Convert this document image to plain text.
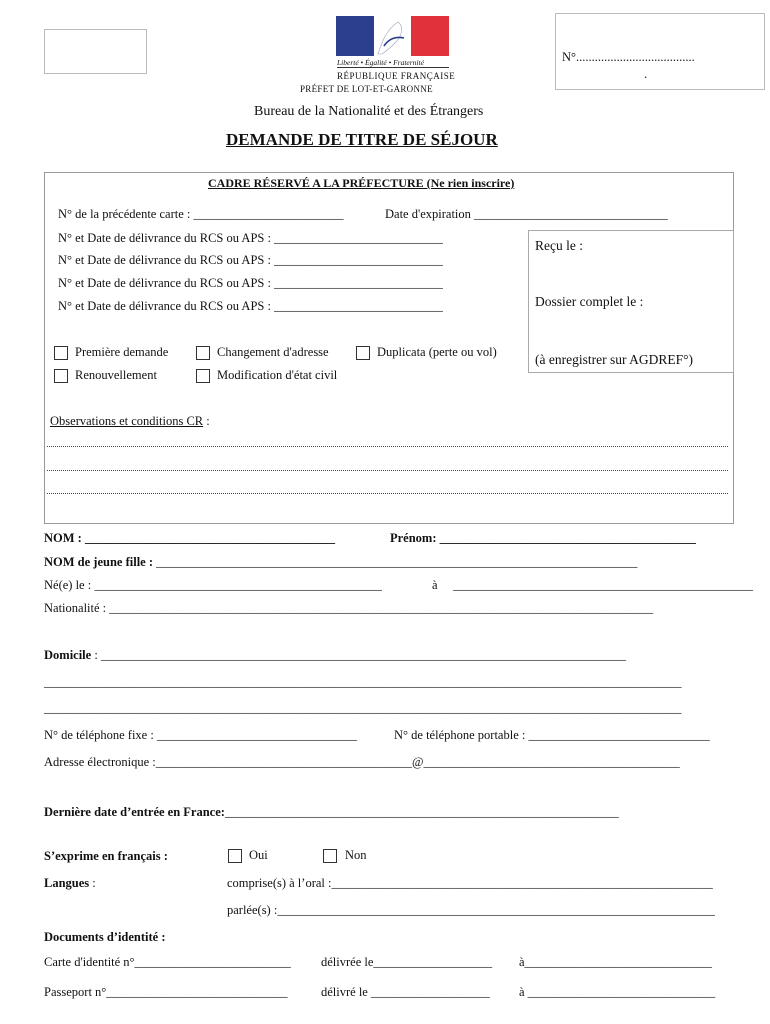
Liberté • Égalité • Fraternité
RÉPUBLIQUE FRANÇAISE
PRÉFET DE LOT-ET-GARONNE
N°......................................
.
Bureau de la Nationalité et des Étrangers
DEMANDE DE TITRE DE SÉJOUR
CADRE RÉSERVÉ A LA PRÉFECTURE (Ne rien inscrire)
N° de la précédente carte : ________________________	Date d'expiration _______________________________
N° et Date de délivrance du RCS ou APS : ___________________________
N° et Date de délivrance du RCS ou APS : ___________________________
N° et Date de délivrance du RCS ou APS : ___________________________
N° et Date de délivrance du RCS ou APS : ___________________________
Reçu le :
Dossier complet le :
(à enregistrer sur AGDREF°)
Première demande	Changement d'adresse	Duplicata (perte ou vol)
Renouvellement	Modification d'état civil
Observations et conditions CR :
NOM : ________________________________________	Prénom: _________________________________________
NOM de jeune fille : _____________________________________________________________________________
Né(e) le : ______________________________________________	à ________________________________________________
Nationalité : _______________________________________________________________________________________
Domicile : ____________________________________________________________________________________
______________________________________________________________________________________________________
______________________________________________________________________________________________________
N° de téléphone fixe : ________________________________	N° de téléphone portable : _____________________________
Adresse électronique :_________________________________________@_________________________________________
Dernière date d’entrée en France:_______________________________________________________________
S’exprime en français :	Oui	Non
Langues :	comprise(s) à l’oral :_____________________________________________________________
parlée(s) :______________________________________________________________________
Documents d’identité :
Carte d'identité n°_________________________ délivrée le___________________ à______________________________
Passeport n°_____________________________	délivré le ___________________ à ______________________________
